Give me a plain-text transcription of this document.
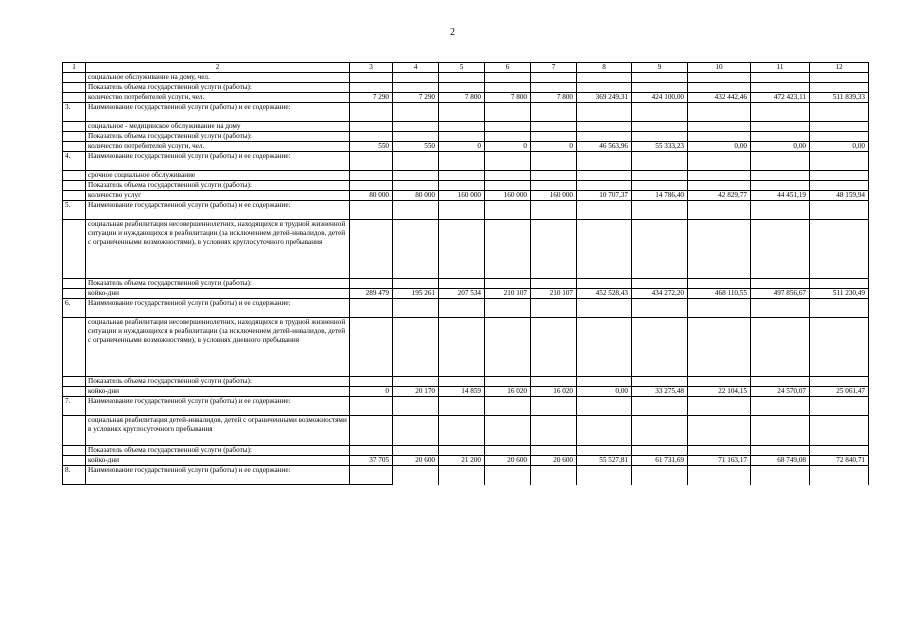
2
1	2	3	4	5	6	7	8	9	10	11	12
	социальное обслуживание на дому, чел.										
	Показатель объема государственной услуги (работы):										
	количество потребителей услуги, чел.	7 290	7 290	7 800	7 800	7 800	369 249,31	424 100,00	432 442,46	472 423,11	511 839,33
3.	Наименование государственной услуги (работы) и ее содержание:										
	социальное - медицинское обслуживание на дому										
	Показатель объема государственной услуги (работы):										
	количество потребителей услуги, чел.	550	550	0	0	0	46 563,96	55 333,23	0,00	0,00	0,00
4.	Наименование государственной услуги (работы) и ее содержание:										
	срочное социальное обслуживание										
	Показатель объема государственной услуги (работы):										
	количество услуг	80 000	80 000	160 000	160 000	160 000	10 707,37	14 786,40	42 829,77	44 451,19	48 159,94
5.	Наименование государственной услуги (работы) и ее содержание:										
	социальная реабилитация несовершеннолетних, находящихся в трудной жизненной ситуации и нуждающихся в реабилитации (за исключением детей-инвалидов, детей с ограниченными возможностями), в условиях круглосуточного пребывания										
	Показатель объема государственной услуги (работы):										
	койко-дни	289 479	195 261	207 534	210 107	210 107	452 528,43	434 272,20	468 110,55	497 856,67	511 230,49
6.	Наименование государственной услуги (работы) и ее содержание:										
	социальная реабилитация несовершеннолетних, находящихся в трудной жизненной ситуации и нуждающихся в реабилитации (за исключением детей-инвалидов, детей с ограниченными возможностями), в условиях дневного пребывания										
	Показатель объема государственной услуги (работы):										
	койко-дни	0	20 170	14 859	16 020	16 020	0,00	33 275,48	22 104,15	24 570,07	25 061,47
7.	Наименование государственной услуги (работы) и ее содержание:										
	социальная реабилитация детей-инвалидов, детей с ограниченными возможностями в условиях круглосуточного пребывания										
	Показатель объема государственной услуги (работы):										
	койко-дни	37 705	20 600	21 200	20 600	20 600	55 527,81	61 731,69	71 163,17	68 749,08	72 840,71
8.	Наименование государственной услуги (работы) и ее содержание:										
